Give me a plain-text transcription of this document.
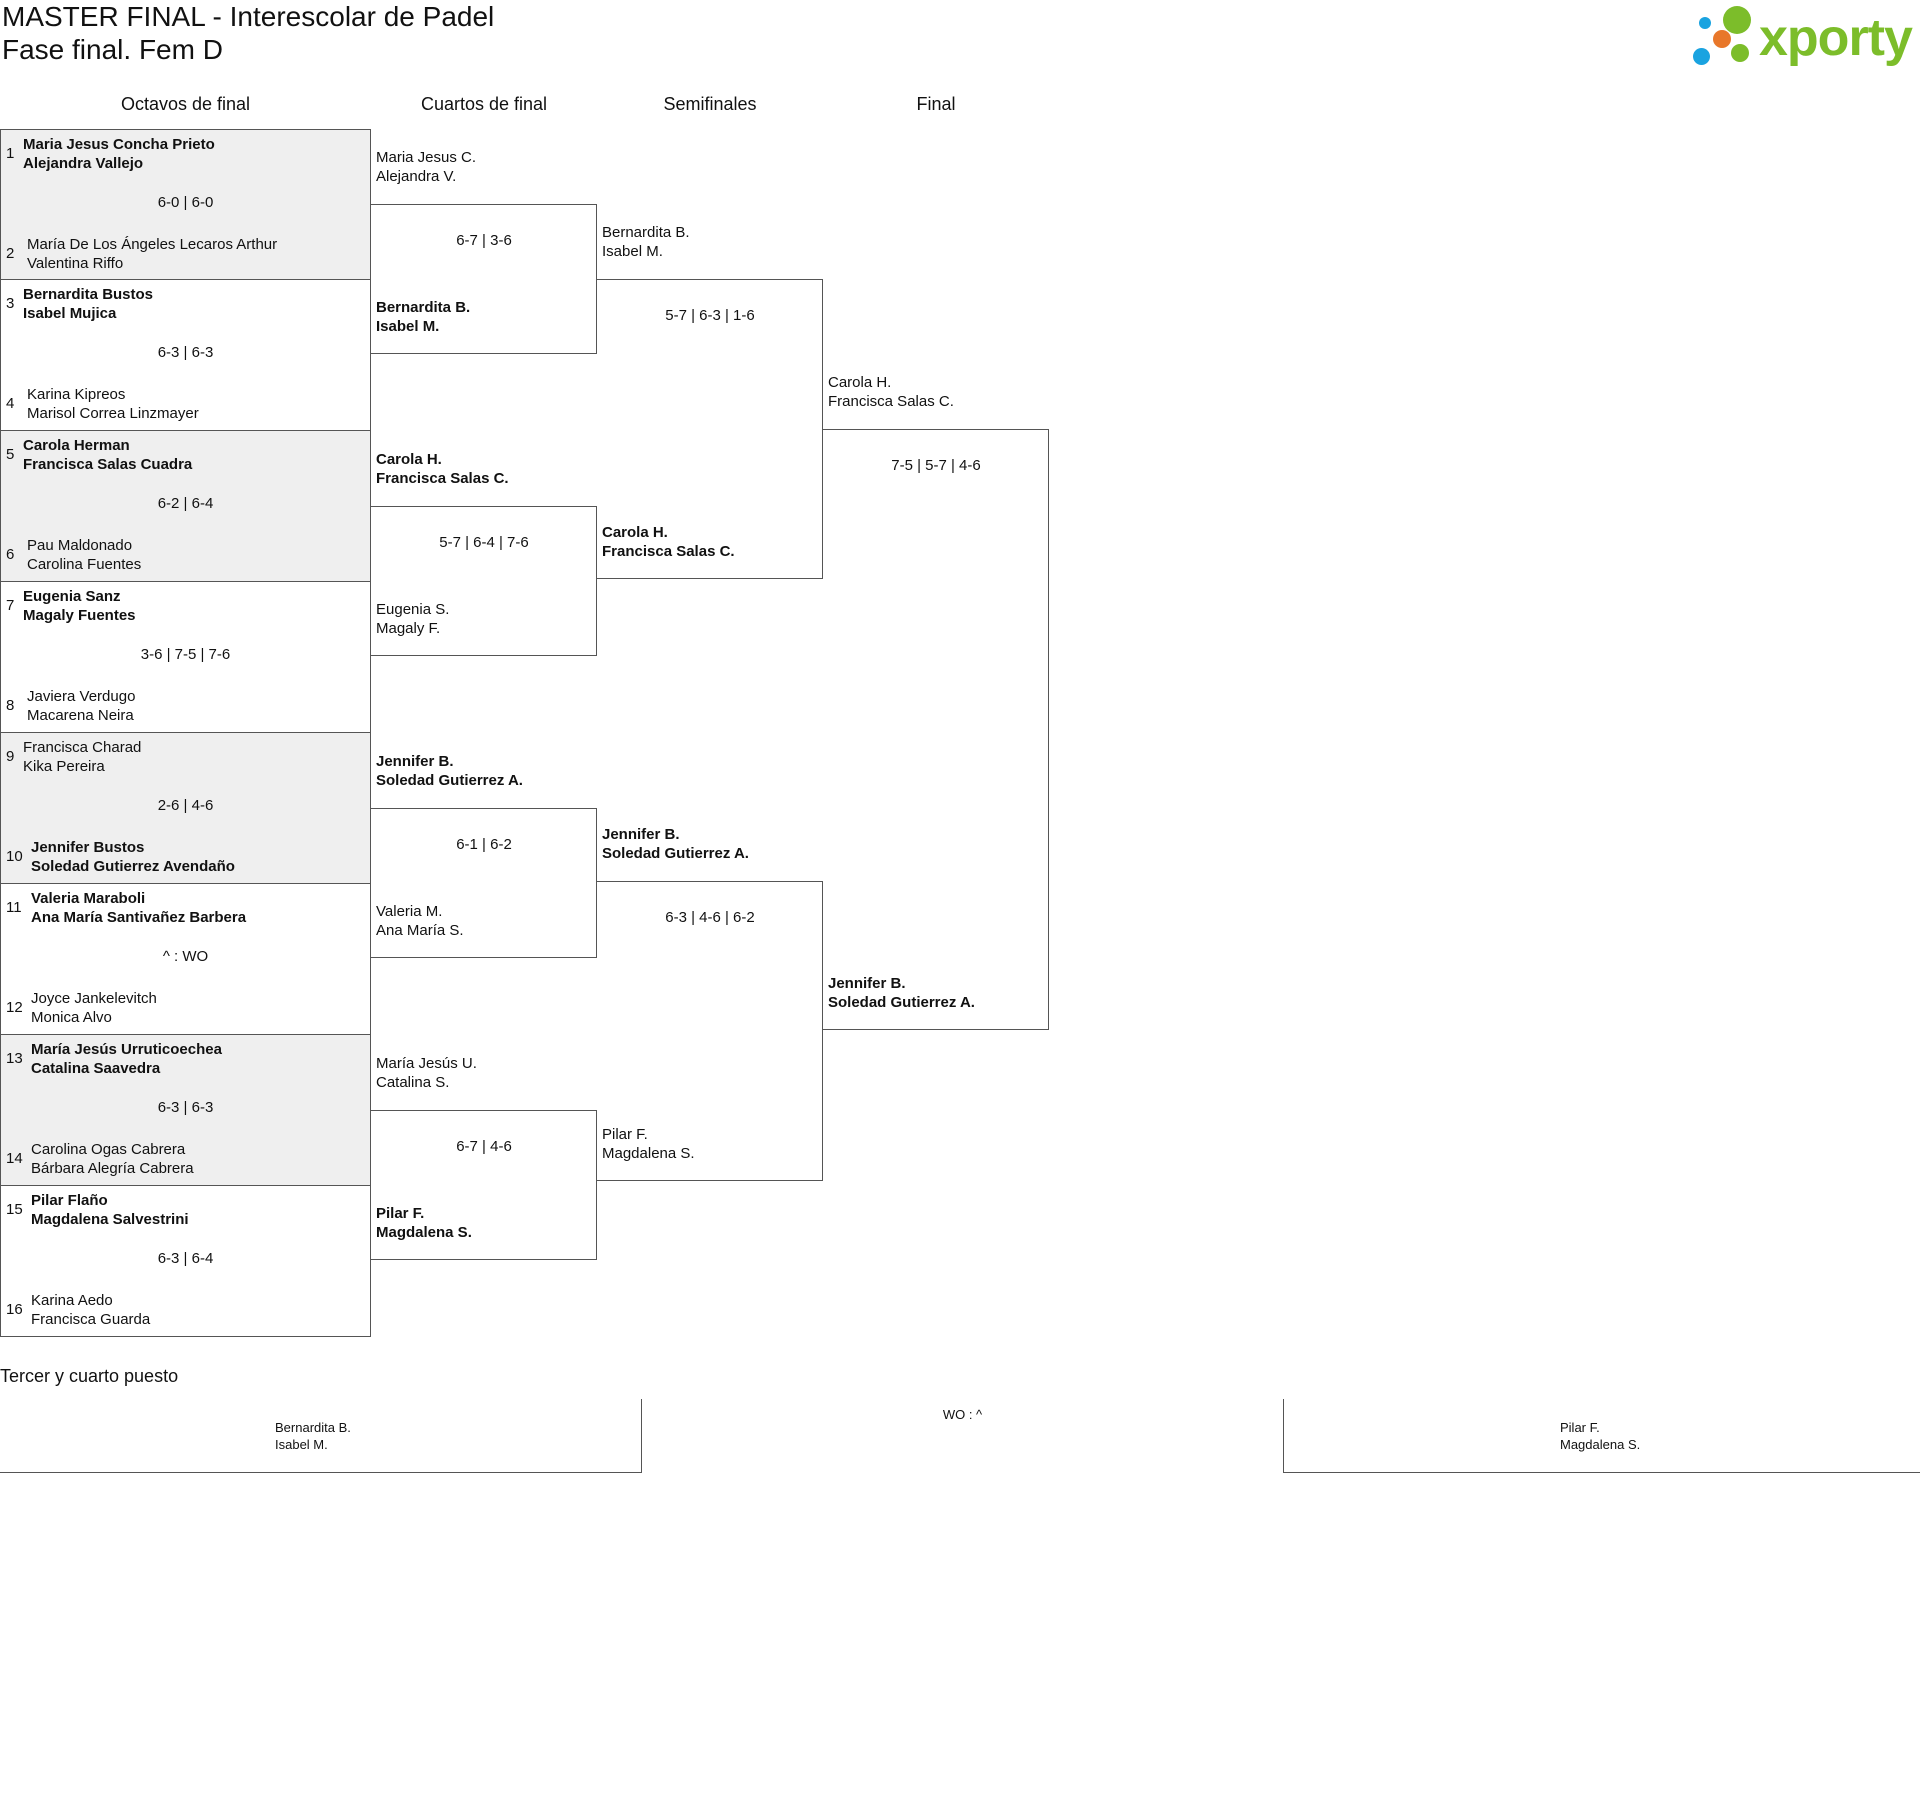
MASTER FINAL - Interescolar de Padel
Fase final. Fem D	xporty
Octavos de final	Cuartos de final	Semifinales	Final
1
Maria Jesus Concha Prieto
Alejandra Vallejo
6-0 | 6-0
2
María De Los Ángeles Lecaros Arthur
Valentina Riffo
3
Bernardita Bustos
Isabel Mujica
6-3 | 6-3
4
Karina Kipreos
Marisol Correa Linzmayer
5
Carola Herman
Francisca Salas Cuadra
6-2 | 6-4
6
Pau Maldonado
Carolina Fuentes
7
Eugenia Sanz
Magaly Fuentes
3-6 | 7-5 | 7-6
8
Javiera Verdugo
Macarena Neira
9
Francisca Charad
Kika Pereira
2-6 | 4-6
10
Jennifer Bustos
Soledad Gutierrez Avendaño
11
Valeria Maraboli
Ana María Santivañez Barbera
^ : WO
12
Joyce Jankelevitch
Monica Alvo
13
María Jesús Urruticoechea
Catalina Saavedra
6-3 | 6-3
14
Carolina Ogas Cabrera
Bárbara Alegría Cabrera
15
Pilar Flaño
Magdalena Salvestrini
6-3 | 6-4
16
Karina Aedo
Francisca Guarda
Maria Jesus C.
Alejandra V.
Bernardita B.
Isabel M.
6-7 | 3-6
Carola H.
Francisca Salas C.
Eugenia S.
Magaly F.
5-7 | 6-4 | 7-6
Jennifer B.
Soledad Gutierrez A.
Valeria M.
Ana María S.
6-1 | 6-2
María Jesús U.
Catalina S.
Pilar F.
Magdalena S.
6-7 | 4-6
Bernardita B.
Isabel M.
Carola H.
Francisca Salas C.
5-7 | 6-3 | 1-6
Jennifer B.
Soledad Gutierrez A.
Pilar F.
Magdalena S.
6-3 | 4-6 | 6-2
Carola H.
Francisca Salas C.
Jennifer B.
Soledad Gutierrez A.
7-5 | 5-7 | 4-6
Tercer y cuarto puesto
Bernardita B.
Isabel M.
WO : ^
Pilar F.
Magdalena S.
